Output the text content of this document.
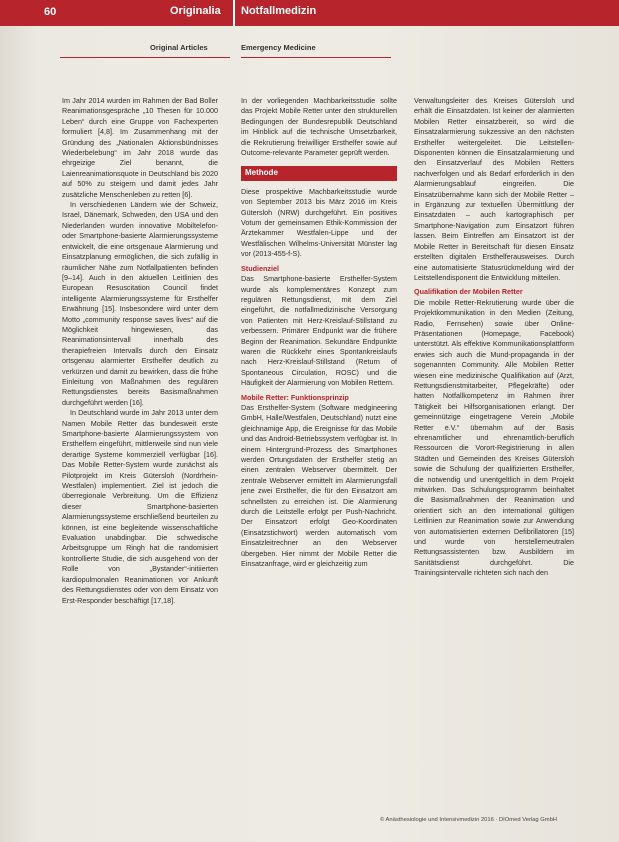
60	Originalia Notfallmedizin
Original Articles	Emergency Medicine

Im Jahr 2014 wurden im Rahmen der Bad Boller Reanimationsgespräche „10 Thesen für 10.000 Leben“ durch eine Gruppe von Fachexperten formuliert [4,8]. Im Zusammenhang mit der Gründung des „Nationalen Aktionsbündnisses Wiederbelebung“ im Jahr 2018 wurde das ehrgeizige Ziel benannt, die Laienreanimationsquote in Deutschland bis 2020 auf 50% zu steigern und damit jedes Jahr zusätzliche Menschenleben zu retten [6].

In verschiedenen Ländern wie der Schweiz, Israel, Dänemark, Schweden, den USA und den Niederlanden wurden innovative Mobiltelefon- oder Smartphone-basierte Alarmierungssysteme entwickelt, die eine ortsgenaue Alarmierung und Einsatzplanung ermöglichen, die sich zufällig in räumlicher Nähe zum Notfallpatienten befinden [9–14]. Auch in den aktuellen Leitlinien des European Resuscitation Council findet intelligente Alarmierungssysteme für Ersthelfer Erwähnung [15]. Insbesondere wird unter dem Motto „community response saves lives“ auf die Möglichkeit hingewiesen, das Reanimationsintervall innerhalb des therapiefreien Intervalls durch den Einsatz ortsgenau alarmierter Ersthelfer deutlich zu verkürzen und damit zu bewirken, dass die frühe Einleitung von Maßnahmen des regulären Rettungsdienstes bereits Basismaßnahmen durchgeführt werden [16].

In Deutschland wurde im Jahr 2013 unter dem Namen Mobile Retter das bundesweit erste Smartphone-basierte Alarmierungssystem von Ersthelfern eingeführt, mittlerweile sind nun viele derartige Systeme kommerziell verfügbar [16]. Das Mobile Retter-System wurde zunächst als Pilotprojekt im Kreis Gütersloh (Nordrhein-Westfalen) implementiert. Ziel ist jedoch die überregionale Verbreitung. Um die Effizienz dieser Smartphone-basierten Alarmierungssysteme erschließend beurteilen zu können, ist eine begleitende wissenschaftliche Evaluation unabdingbar. Die schwedische Arbeitsgruppe um Ringh hat die randomisiert kontrollierte Studie, die sich ausgehend von der Rolle von „Bystander“-initiierten kardiopulmonalen Reanimationen vor Ankunft des Rettungsdienstes oder von dem Einsatz von Erst-Responder beschäftigt [17,18].

In der vorliegenden Machbarkeitsstudie sollte das Projekt Mobile Retter unter den strukturellen Bedingungen der Bundesrepublik Deutschland im Hinblick auf die technische Umsetzbarkeit, die Rekrutierung freiwilliger Ersthelfer sowie auf Outcome-relevante Parameter geprüft werden.

Methode

Diese prospektive Machbarkeitsstudie wurde von September 2013 bis März 2016 im Kreis Gütersloh (NRW) durchgeführt. Ein positives Votum der gemeinsamen Ethik-Kommission der Ärztekammer Westfalen-Lippe und der Westfälischen Wilhelms-Universität Münster lag vor (2013-455-f-S).

Studienziel

Das Smartphone-basierte Ersthelfer-System wurde als komplementäres Konzept zum regulären Rettungsdienst, mit dem Ziel eingeführt, die notfallmedizinische Versorgung von Patienten mit Herz-Kreislauf-Stillstand zu verbessern. Primärer Endpunkt war die frühere Beginn der Reanimation. Sekundäre Endpunkte waren die Rückkehr eines Spontankreislaufs nach Herz-Kreislauf-Stillstand (Return of Spontaneous Circulation, ROSC) und die Häufigkeit der Alarmierung von Mobilen Rettern.

Mobile Retter: Funktionsprinzip

Das Ersthelfer-System (Software medgineering GmbH, Halle/Westfalen, Deutschland) nutzt eine gleichnamige App, die Ereignisse für das Mobile und das Android-Betriebssystem verfügbar ist. In einem Hintergrund-Prozess des Smartphones werden Ortungsdaten der Ersthelfer stetig an einen zentralen Webserver übermittelt. Der zentrale Webserver ermittelt im Alarmierungsfall jene zwei Ersthelfer, die für den Einsatzort am schnellsten zu erreichen ist. Die Alarmierung durch die Leitstelle erfolgt per Push-Nachricht. Der Einsatzort erfolgt Geo-Koordinaten (Einsatzstichwort) werden automatisch vom Einsatzleitrechner an den Webserver übergeben. Hier nimmt der Mobile Retter die Einsatzanfrage, wird er gleichzeitig zum

Verwaltungsleiter des Kreises Gütersloh und erhält die Einsatzdaten. Ist keiner der alarmierten Mobilen Retter einsatzbereit, so wird die Einsatzalarmierung sukzessive an den nächsten Ersthelfer weitergeleitet. Die Leitstellen-Disponenten können die Einsatzalarmierung und den Einsatzverlauf des Mobilen Retters nachverfolgen und als Bedarf erforderlich in den Alarmierungsablauf eingreifen. Die Einsatzübernahme kann sich der Mobile Retter – in Ergänzung zur textuellen Übermittlung der Einsatzdaten – auch kartographisch per Smartphone-Navigation zum Einsatzort führen lassen. Beim Eintreffen am Einsatzort ist der Mobile Retter in Bereitschaft für diesen Einsatz erstellten digitalen Ersthelferausweises. Durch eine automatisierte Statusrückmeldung wird der Leitstellendisponent die Entwicklung mitteilen.

Qualifikation der Mobilen Retter

Die mobile Retter-Rekrutierung wurde über die Projektkommunikation in den Medien (Zeitung, Radio, Fernsehen) sowie über Online-Präsentationen (Homepage, Facebook) unterstützt. Als effektive Kommunikationsplattform erwies sich auch die Mund-propaganda in der sogenannten Community. Alle Mobilen Retter wiesen eine medizinische Qualifikation auf (Arzt, Rettungsdienstmitarbeiter, Pflegekräfte) oder hatten Notfallkompetenz im Rahmen ihrer Tätigkeit bei Hilfsorganisationen erlangt. Der gemeinnützige eingetragene Verein „Mobile Retter e.V.“ übernahm auf der Basis ehrenamtlicher und ehrenamtlich-beruflich Ressourcen die Vorort-Registrierung in allen Städten und Gemeinden des Kreises Gütersloh sowie die Schulung der qualifizierten Ersthelfer, die notwendig und unentgeltlich in dem Projekt mitwirken. Das Schulungsprogramm beinhaltet die Basismaßnahmen der Reanimation und orientiert sich an den international gültigen Leitlinien zur Reanimation sowie zur Anwendung von automatisierten externen Defibrillatoren [15] und wurde von herstellerneutralen Rettungsassistenten bzw. Ausbildern im Sanitätsdienst durchgeführt. Die Trainingsintervalle richteten sich nach den

© Anästhesiologie und Intensivmedizin 2016 · DIOmed Verlag GmbH
